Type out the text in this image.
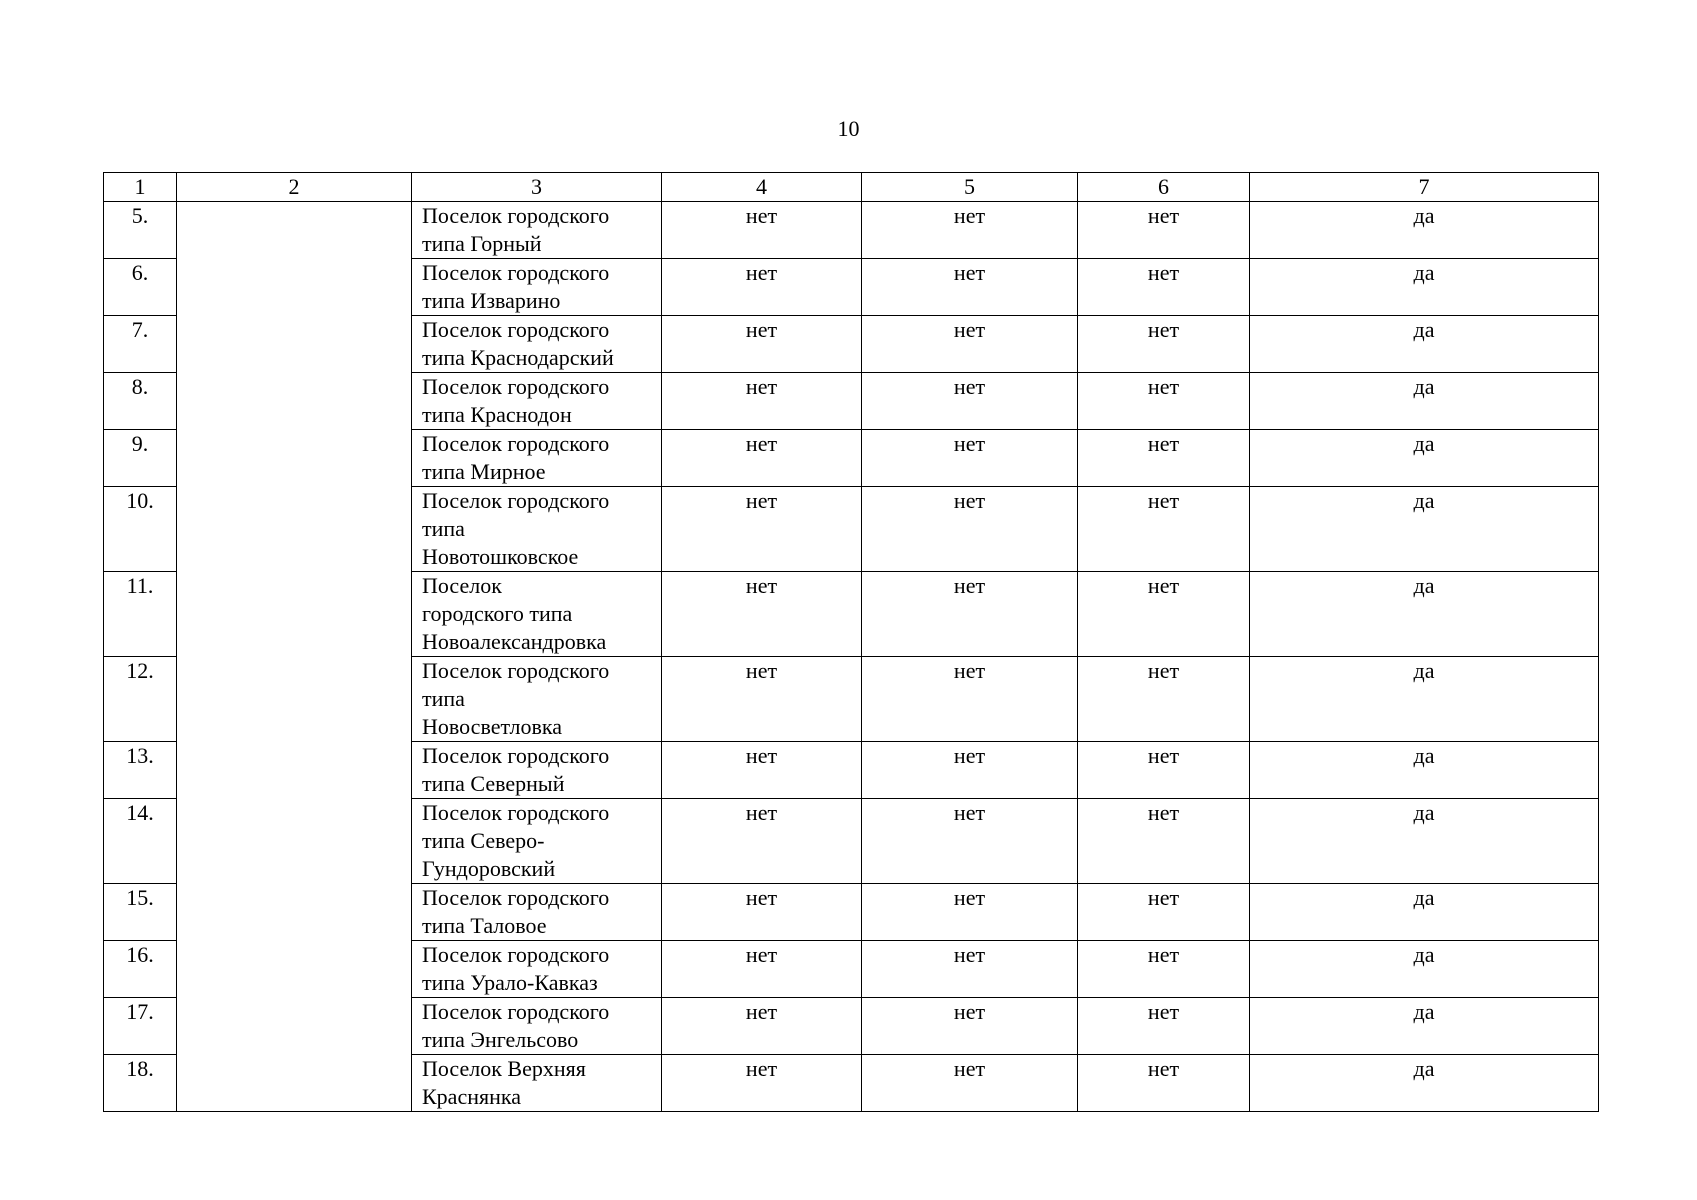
10
1	2	3	4	5	6	7
5.		Поселок городского
типа Горный	нет	нет	нет	да
6.		Поселок городского
типа Изварино	нет	нет	нет	да
7.		Поселок городского
типа Краснодарский	нет	нет	нет	да
8.		Поселок городского
типа Краснодон	нет	нет	нет	да
9.		Поселок городского
типа Мирное	нет	нет	нет	да
10.		Поселок городского
типа
Новотошковское	нет	нет	нет	да
11.		Поселок
городского типа
Новоалександровка	нет	нет	нет	да
12.		Поселок городского
типа
Новосветловка	нет	нет	нет	да
13.		Поселок городского
типа Северный	нет	нет	нет	да
14.		Поселок городского
типа Северо-
Гундоровский	нет	нет	нет	да
15.		Поселок городского
типа Таловое	нет	нет	нет	да
16.		Поселок городского
типа Урало-Кавказ	нет	нет	нет	да
17.		Поселок городского
типа Энгельсово	нет	нет	нет	да
18.		Поселок Верхняя
Краснянка	нет	нет	нет	да
